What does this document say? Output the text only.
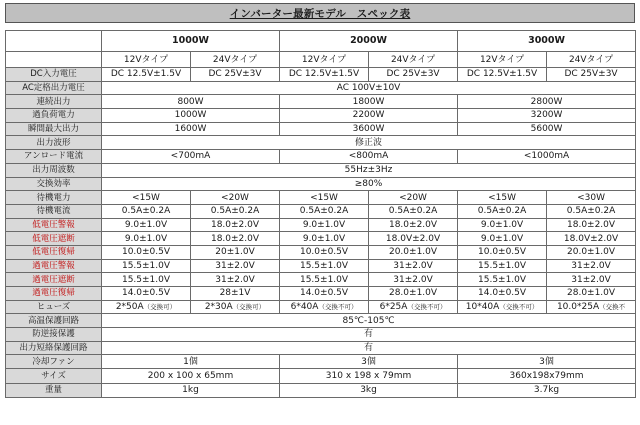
インバーター最新モデル　スペック表
	1000W		2000W		3000W	
	12Vタイプ	24Vタイプ	12Vタイプ	24Vタイプ	12Vタイプ	24Vタイプ
DC入力電圧	DC 12.5V±1.5V	DC 25V±3V	DC 12.5V±1.5V	DC 25V±3V	DC 12.5V±1.5V	DC 25V±3V
AC定格出力電圧	AC 100V±10V					
連続出力	800W		1800W		2800W	
過負荷電力	1000W		2200W		3200W	
瞬間最大出力	1600W		3600W		5600W	
出力波形	修正波					
アンロード電流	<700mA		<800mA		<1000mA	
出力周波数	55Hz±3Hz					
交換効率	≥80%					
待機電力	<15W	<20W	<15W	<20W	<15W	<30W
待機電流	0.5A±0.2A	0.5A±0.2A	0.5A±0.2A	0.5A±0.2A	0.5A±0.2A	0.5A±0.2A
低電圧警報	9.0±1.0V	18.0±2.0V	9.0±1.0V	18.0±2.0V	9.0±1.0V	18.0±2.0V
低電圧遮断	9.0±1.0V	18.0±2.0V	9.0±1.0V	18.0V±2.0V	9.0±1.0V	18.0V±2.0V
低電圧復帰	10.0±0.5V	20±1.0V	10.0±0.5V	20.0±1.0V	10.0±0.5V	20.0±1.0V
過電圧警報	15.5±1.0V	31±2.0V	15.5±1.0V	31±2.0V	15.5±1.0V	31±2.0V
過電圧遮断	15.5±1.0V	31±2.0V	15.5±1.0V	31±2.0V	15.5±1.0V	31±2.0V
過電圧復帰	14.0±0.5V	28±1V	14.0±0.5V	28.0±1.0V	14.0±0.5V	28.0±1.0V
ヒューズ	2*50A（交換可）	2*30A（交換可）	6*40A（交換不可）	6*25A（交換不可）	10*40A（交換不可）	10.0*25A（交換不
高温保護回路	85℃-105℃					
防逆接保護	有					
出力短絡保護回路	有					
冷却ファン	1個		3個		3個	
サイズ	200 x 100 x 65mm		310 x 198 x 79mm		360x198x79mm	
重量	1kg		3kg		3.7kg	
